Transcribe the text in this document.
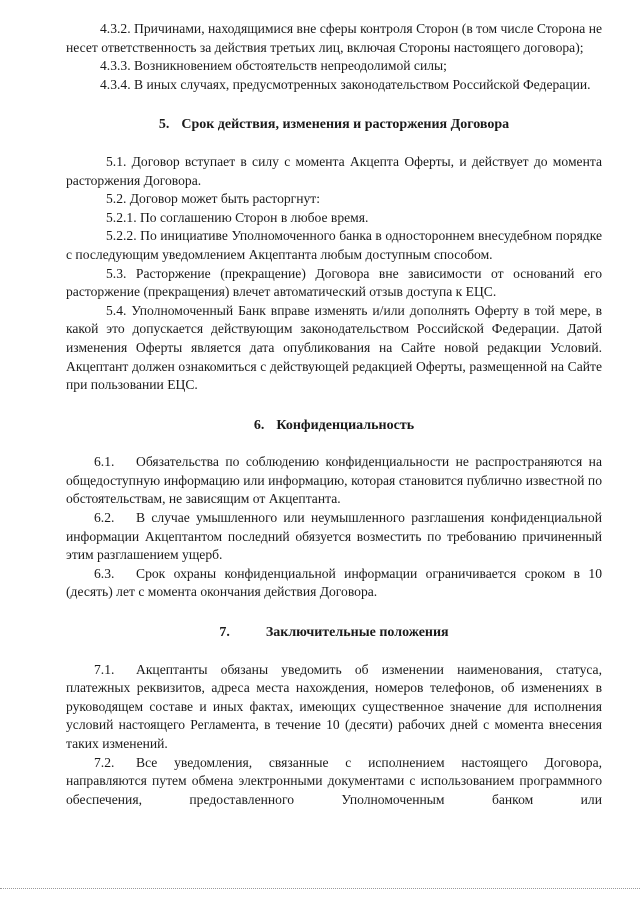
4.3.2. Причинами, находящимися вне сферы контроля Сторон (в том числе Сторона не несет ответственность за действия третьих лиц, включая Стороны настоящего договора);

4.3.3. Возникновением обстоятельств непреодолимой силы;

4.3.4. В иных случаях, предусмотренных законодательством Российской Федерации.

5. Срок действия, изменения и расторжения Договора

5.1. Договор вступает в силу с момента Акцепта Оферты, и действует до момента расторжения Договора.

5.2. Договор может быть расторгнут:

5.2.1. По соглашению Сторон в любое время.

5.2.2. По инициативе Уполномоченного банка в одностороннем внесудебном порядке с последующим уведомлением Акцептанта любым доступным способом.

5.3. Расторжение (прекращение) Договора вне зависимости от оснований его расторжение (прекращения) влечет автоматический отзыв доступа к ЕЦС.

5.4. Уполномоченный Банк вправе изменять и/или дополнять Оферту в той мере, в какой это допускается действующим законодательством Российской Федерации. Датой изменения Оферты является дата опубликования на Сайте новой редакции Условий. Акцептант должен ознакомиться с действующей редакцией Оферты, размещенной на Сайте при пользовании ЕЦС.

6. Конфиденциальность

6.1. Обязательства по соблюдению конфиденциальности не распространяются на общедоступную информацию или информацию, которая становится публично известной по обстоятельствам, не зависящим от Акцептанта.

6.2. В случае умышленного или неумышленного разглашения конфиденциальной информации Акцептантом последний обязуется возместить по требованию причиненный этим разглашением ущерб.

6.3. Срок охраны конфиденциальной информации ограничивается сроком в 10 (десять) лет с момента окончания действия Договора.

7.	Заключительные положения

7.1. Акцептанты обязаны уведомить об изменении наименования, статуса, платежных реквизитов, адреса места нахождения, номеров телефонов, об изменениях в руководящем составе и иных фактах, имеющих существенное значение для исполнения условий настоящего Регламента, в течение 10 (десяти) рабочих дней с момента внесения таких изменений.

7.2. Все уведомления, связанные с исполнением настоящего Договора, направляются путем обмена электронными документами с использованием программного обеспечения, предоставленного Уполномоченным банком или
